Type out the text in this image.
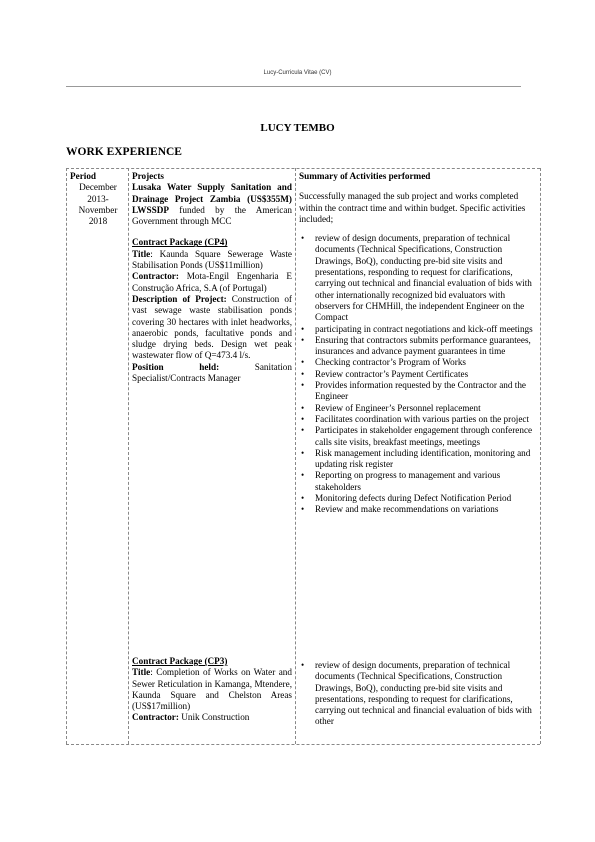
Lucy-Curricula Vitae (CV)
LUCY TEMBO
WORK EXPERIENCE
Period
December 2013-November 2018
Projects
Lusaka Water Supply Sanitation and Drainage Project Zambia (US$355M) LWSSDP funded by the American Government through MCC
Contract Package (CP4)
Title: Kaunda Square Sewerage Waste Stabilisation Ponds (US$11million)
Contractor: Mota-Engil Engenharia E Construção Africa, S.A (of Portugal)
Description of Project: Construction of vast sewage waste stabilisation ponds covering 30 hectares with inlet headworks, anaerobic ponds, facultative ponds and sludge drying beds. Design wet peak wastewater flow of Q=473.4 l/s.
Position held: Sanitation Specialist/Contracts Manager
Contract Package (CP3)
Title: Completion of Works on Water and Sewer Reticulation in Kamanga, Mtendere, Kaunda Square and Chelston Areas (US$17million)
Contractor: Unik Construction
Summary of Activities performed
Successfully managed the sub project and works completed within the contract time and within budget. Specific activities included;
• review of design documents, preparation of technical documents (Technical Specifications, Construction Drawings, BoQ), conducting pre-bid site visits and presentations, responding to request for clarifications, carrying out technical and financial evaluation of bids with other internationally recognized bid evaluators with observers for CHMHill, the independent Engineer on the Compact
• participating in contract negotiations and kick-off meetings
• Ensuring that contractors submits performance guarantees, insurances and advance payment guarantees in time
• Checking contractor’s Program of Works
• Review contractor’s Payment Certificates
• Provides information requested by the Contractor and the Engineer
• Review of Engineer’s Personnel replacement
• Facilitates coordination with various parties on the project
• Participates in stakeholder engagement through conference calls site visits, breakfast meetings, meetings
• Risk management including identification, monitoring and updating risk register
• Reporting on progress to management and various stakeholders
• Monitoring defects during Defect Notification Period
• Review and make recommendations on variations
• review of design documents, preparation of technical documents (Technical Specifications, Construction Drawings, BoQ), conducting pre-bid site visits and presentations, responding to request for clarifications, carrying out technical and financial evaluation of bids with other
